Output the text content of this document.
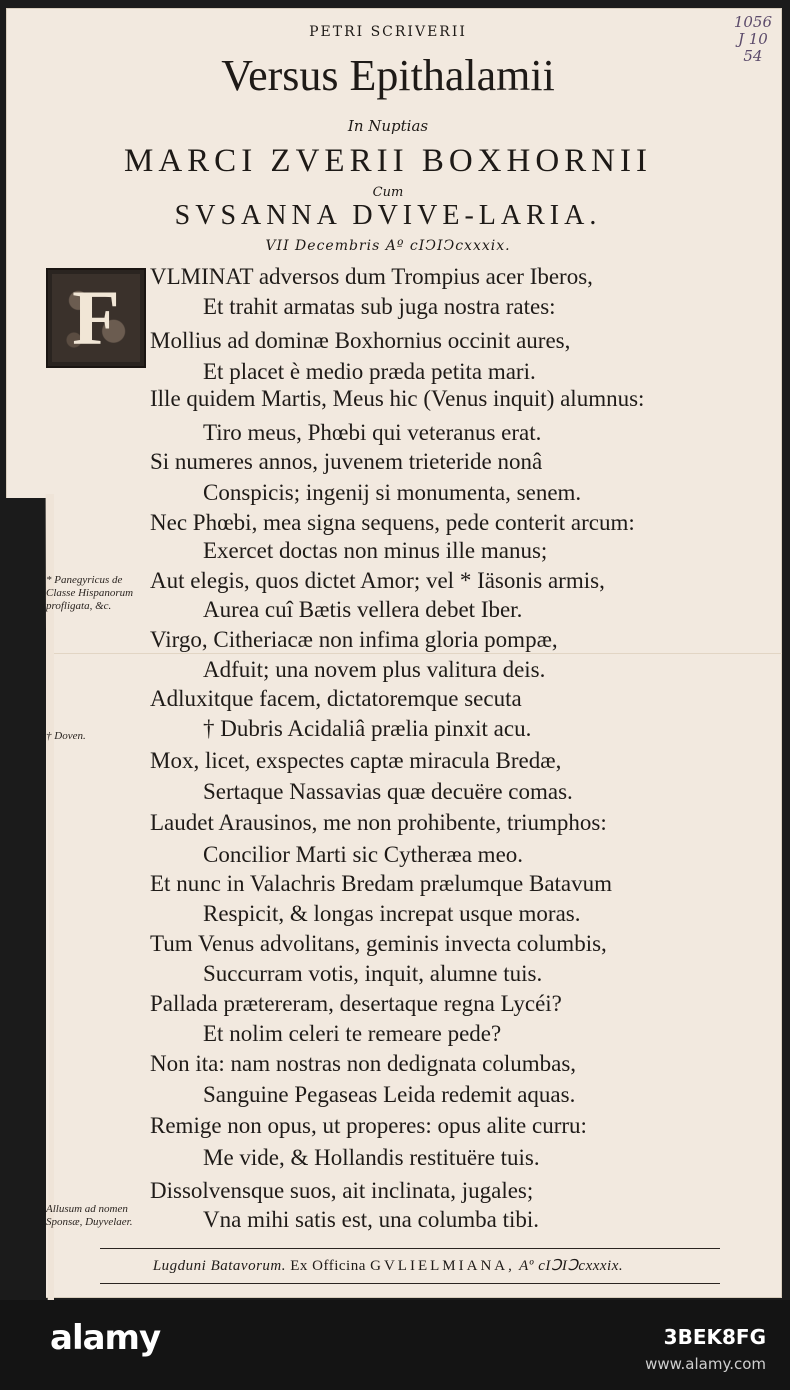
1056
J 10
54
PETRI SCRIVERII
Versus Epithalamii
In Nuptias
MARCI ZVERII BOXHORNII
Cum
SVSANNA DVIVE-LARIA.
VII Decembris Aº cIↃIↃcxxxix.
F	VLMINAT adversos dum Trompius acer Iberos,
Et trahit armatas sub juga nostra rates:
Mollius ad dominæ Boxhornius occinit aures,
Et placet è medio præda petita mari.
Ille quidem Martis, Meus hic (Venus inquit) alumnus:
Tiro meus, Phœbi qui veteranus erat.
Si numeres annos, juvenem trieteride nonâ
Conspicis; ingenij si monumenta, senem.
Nec Phœbi, mea signa sequens, pede conterit arcum:
Exercet doctas non minus ille manus;
Aut elegis, quos dictet Amor; vel * Iäsonis armis,
Aurea cuî Bætis vellera debet Iber.
Virgo, Citheriacæ non infima gloria pompæ,
Adfuit; una novem plus valitura deis.
Adluxitque facem, dictatoremque secuta
† Dubris Acidaliâ prælia pinxit acu.
Mox, licet, exspectes captæ miracula Bredæ,
Sertaque Nassavias quæ decuëre comas.
Laudet Arausinos, me non prohibente, triumphos:
Concilior Marti sic Cytheræa meo.
Et nunc in Valachris Bredam prælumque Batavum
Respicit, & longas increpat usque moras.
Tum Venus advolitans, geminis invecta columbis,
Succurram votis, inquit, alumne tuis.
Pallada prætereram, desertaque regna Lycéi?
Et nolim celeri te remeare pede?
Non ita: nam nostras non dedignata columbas,
Sanguine Pegaseas Leida redemit aquas.
Remige non opus, ut properes: opus alite curru:
Me vide, & Hollandis restituëre tuis.
Dissolvensque suos, ait inclinata, jugales;
Vna mihi satis est, una columba tibi.
* Panegyricus de Classe Hispanorum profligata, &c.
† Doven.
Allusum ad nomen Sponsæ, Duyvelaer.
Lugduni Batavorum. Ex Officina GVLIELMIANA, Aº cIↃIↃcxxxix.
alamy	3BEK8FG
www.alamy.com
